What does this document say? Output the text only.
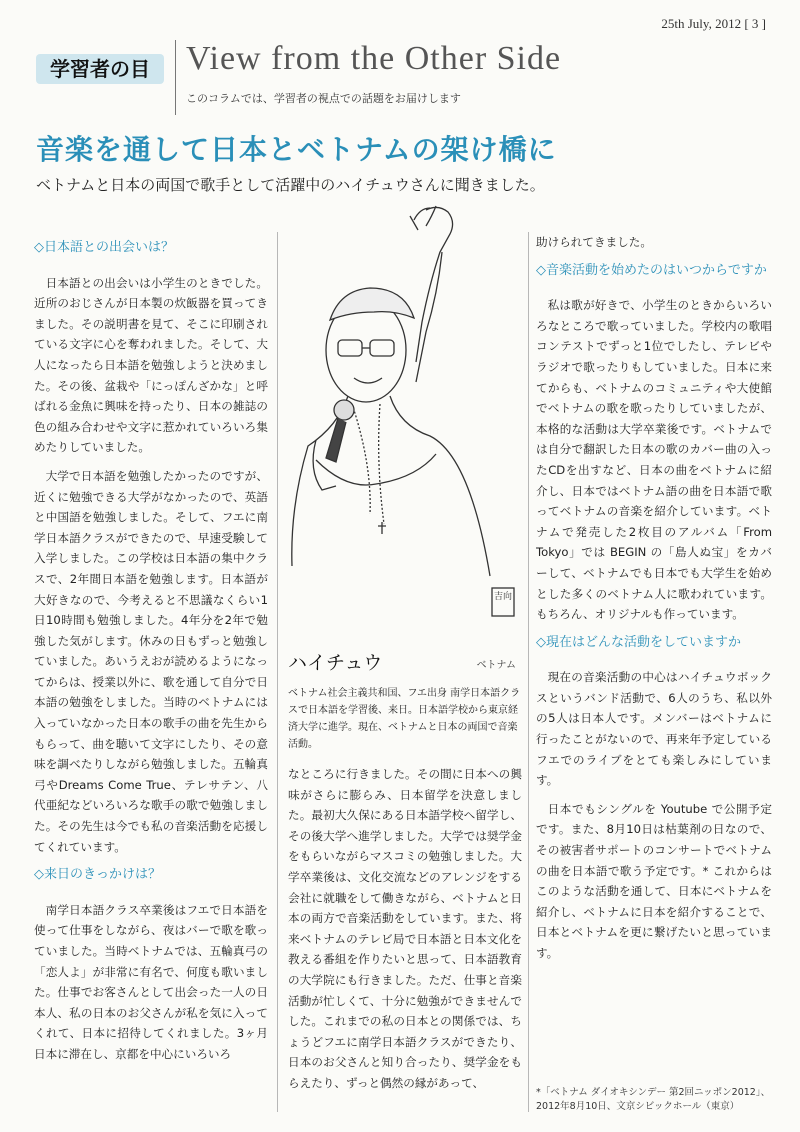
25th July, 2012 [ 3 ]
学習者の目	View from the Other Side
このコラムでは、学習者の視点での話題をお届けします
音楽を通して日本とベトナムの架け橋に
ベトナムと日本の両国で歌手として活躍中のハイチュウさんに聞きました。
◇日本語との出会いは？

日本語との出会いは小学生のときでした。近所のおじさんが日本製の炊飯器を買ってきました。その説明書を見て、そこに印刷されている文字に心を奪われました。そして、大人になったら日本語を勉強しようと決めました。その後、盆栽や「にっぽんざかな」と呼ばれる金魚に興味を持ったり、日本の雑誌の色の組み合わせや文字に惹かれていろいろ集めたりしていました。

大学で日本語を勉強したかったのですが、近くに勉強できる大学がなかったので、英語と中国語を勉強しました。そして、フエに南学日本語クラスができたので、早速受験して入学しました。この学校は日本語の集中クラスで、2年間日本語を勉強します。日本語が大好きなので、今考えると不思議なくらい1日10時間も勉強しました。4年分を2年で勉強した気がします。休みの日もずっと勉強していました。あいうえおが読めるようになってからは、授業以外に、歌を通して自分で日本語の勉強をしました。当時のベトナムには入っていなかった日本の歌手の曲を先生からもらって、曲を聴いて文字にしたり、その意味を調べたりしながら勉強しました。五輪真弓やDreams Come True、テレサテン、八代亜紀などいろいろな歌手の歌で勉強しました。その先生は今でも私の音楽活動を応援してくれています。

◇来日のきっかけは？

南学日本語クラス卒業後はフエで日本語を使って仕事をしながら、夜はバーで歌を歌っていました。当時ベトナムでは、五輪真弓の「恋人よ」が非常に有名で、何度も歌いました。仕事でお客さんとして出会った一人の日本人、私の日本のお父さんが私を気に入ってくれて、日本に招待してくれました。3ヶ月日本に滞在し、京都を中心にいろいろ

吉向
ハイチュウ	ベトナム
ベトナム社会主義共和国、フエ出身 南学日本語クラスで日本語を学習後、来日。日本語学校から東京経済大学に進学。現在、ベトナムと日本の両国で音楽活動。

なところに行きました。その間に日本への興味がさらに膨らみ、日本留学を決意しました。最初大久保にある日本語学校へ留学し、その後大学へ進学しました。大学では奨学金をもらいながらマスコミの勉強しました。大学卒業後は、文化交流などのアレンジをする会社に就職をして働きながら、ベトナムと日本の両方で音楽活動をしています。また、将来ベトナムのテレビ局で日本語と日本文化を教える番組を作りたいと思って、日本語教育の大学院にも行きました。ただ、仕事と音楽活動が忙しくて、十分に勉強ができませんでした。これまでの私の日本との関係では、ちょうどフエに南学日本語クラスができたり、日本のお父さんと知り合ったり、奨学金をもらえたり、ずっと偶然の縁があって、

助けられてきました。

◇音楽活動を始めたのはいつからですか

私は歌が好きで、小学生のときからいろいろなところで歌っていました。学校内の歌唱コンテストでずっと1位でしたし、テレビやラジオで歌ったりもしていました。日本に来てからも、ベトナムのコミュニティや大使館でベトナムの歌を歌ったりしていましたが、本格的な活動は大学卒業後です。ベトナムでは自分で翻訳した日本の歌のカバー曲の入ったCDを出すなど、日本の曲をベトナムに紹介し、日本ではベトナム語の曲を日本語で歌ってベトナムの音楽を紹介しています。ベトナムで発売した2枚目のアルバム「From Tokyo」では BEGIN の「島人ぬ宝」をカバーして、ベトナムでも日本でも大学生を始めとした多くのベトナム人に歌われています。もちろん、オリジナルも作っています。

◇現在はどんな活動をしていますか

現在の音楽活動の中心はハイチュウボックスというバンド活動で、6人のうち、私以外の5人は日本人です。メンバーはベトナムに行ったことがないので、再来年予定しているフエでのライブをとても楽しみにしています。

日本でもシングルを Youtube で公開予定です。また、8月10日は枯葉剤の日なので、その被害者サポートのコンサートでベトナムの曲を日本語で歌う予定です。* これからはこのような活動を通して、日本にベトナムを紹介し、ベトナムに日本を紹介することで、日本とベトナムを更に繋げたいと思っています。

*「ベトナム ダイオキシンデー 第2回ニッポン2012」、2012年8月10日、文京シビックホール（東京）
